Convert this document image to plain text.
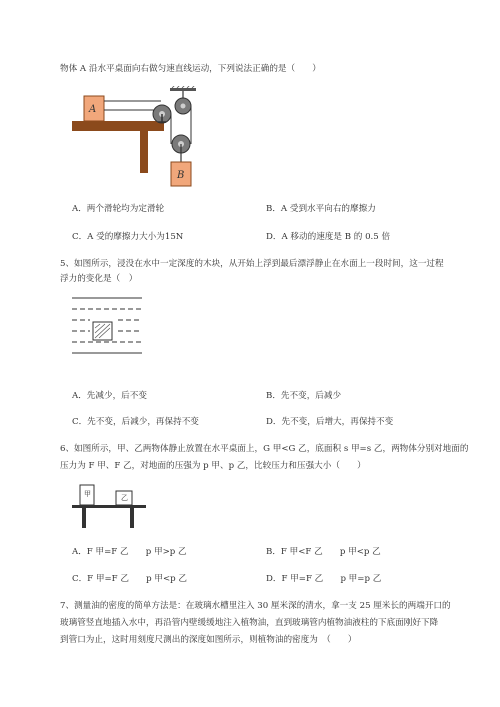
物体 A 沿水平桌面向右做匀速直线运动，下列说法正确的是（　　）
A
B
A．两个滑轮均为定滑轮	B．A 受到水平向右的摩擦力
C．A 受的摩擦力大小为15N	D．A 移动的速度是 B 的 0.5 倍
5、如图所示，浸没在水中一定深度的木块，从开始上浮到最后漂浮静止在水面上一段时间，这一过程
浮力的变化是（　）
A．先减少，后不变	B．先不变，后减少
C．先不变，后减少，再保持不变	D．先不变，后增大，再保持不变
6、如图所示，甲、乙两物体静止放置在水平桌面上，G 甲<G 乙，底面积 s 甲=s 乙，两物体分别对地面的
压力为 F 甲、F 乙，对地面的压强为 p 甲、p 乙，比较压力和压强大小（　　）
甲	乙
A．F 甲=F 乙　　p 甲>p 乙	B．F 甲<F 乙　　p 甲<p 乙
C．F 甲=F 乙　　p 甲<p 乙	D．F 甲=F 乙　　p 甲=p 乙
7、测量油的密度的简单方法是：在玻璃水槽里注入 30 厘米深的清水，拿一支 25 厘米长的两端开口的
玻璃管竖直地插入水中，再沿管内壁缓缓地注入植物油，直到玻璃管内植物油液柱的下底面刚好下降
到管口为止，这时用刻度尺测出的深度如图所示，则植物油的密度为　（　　）
